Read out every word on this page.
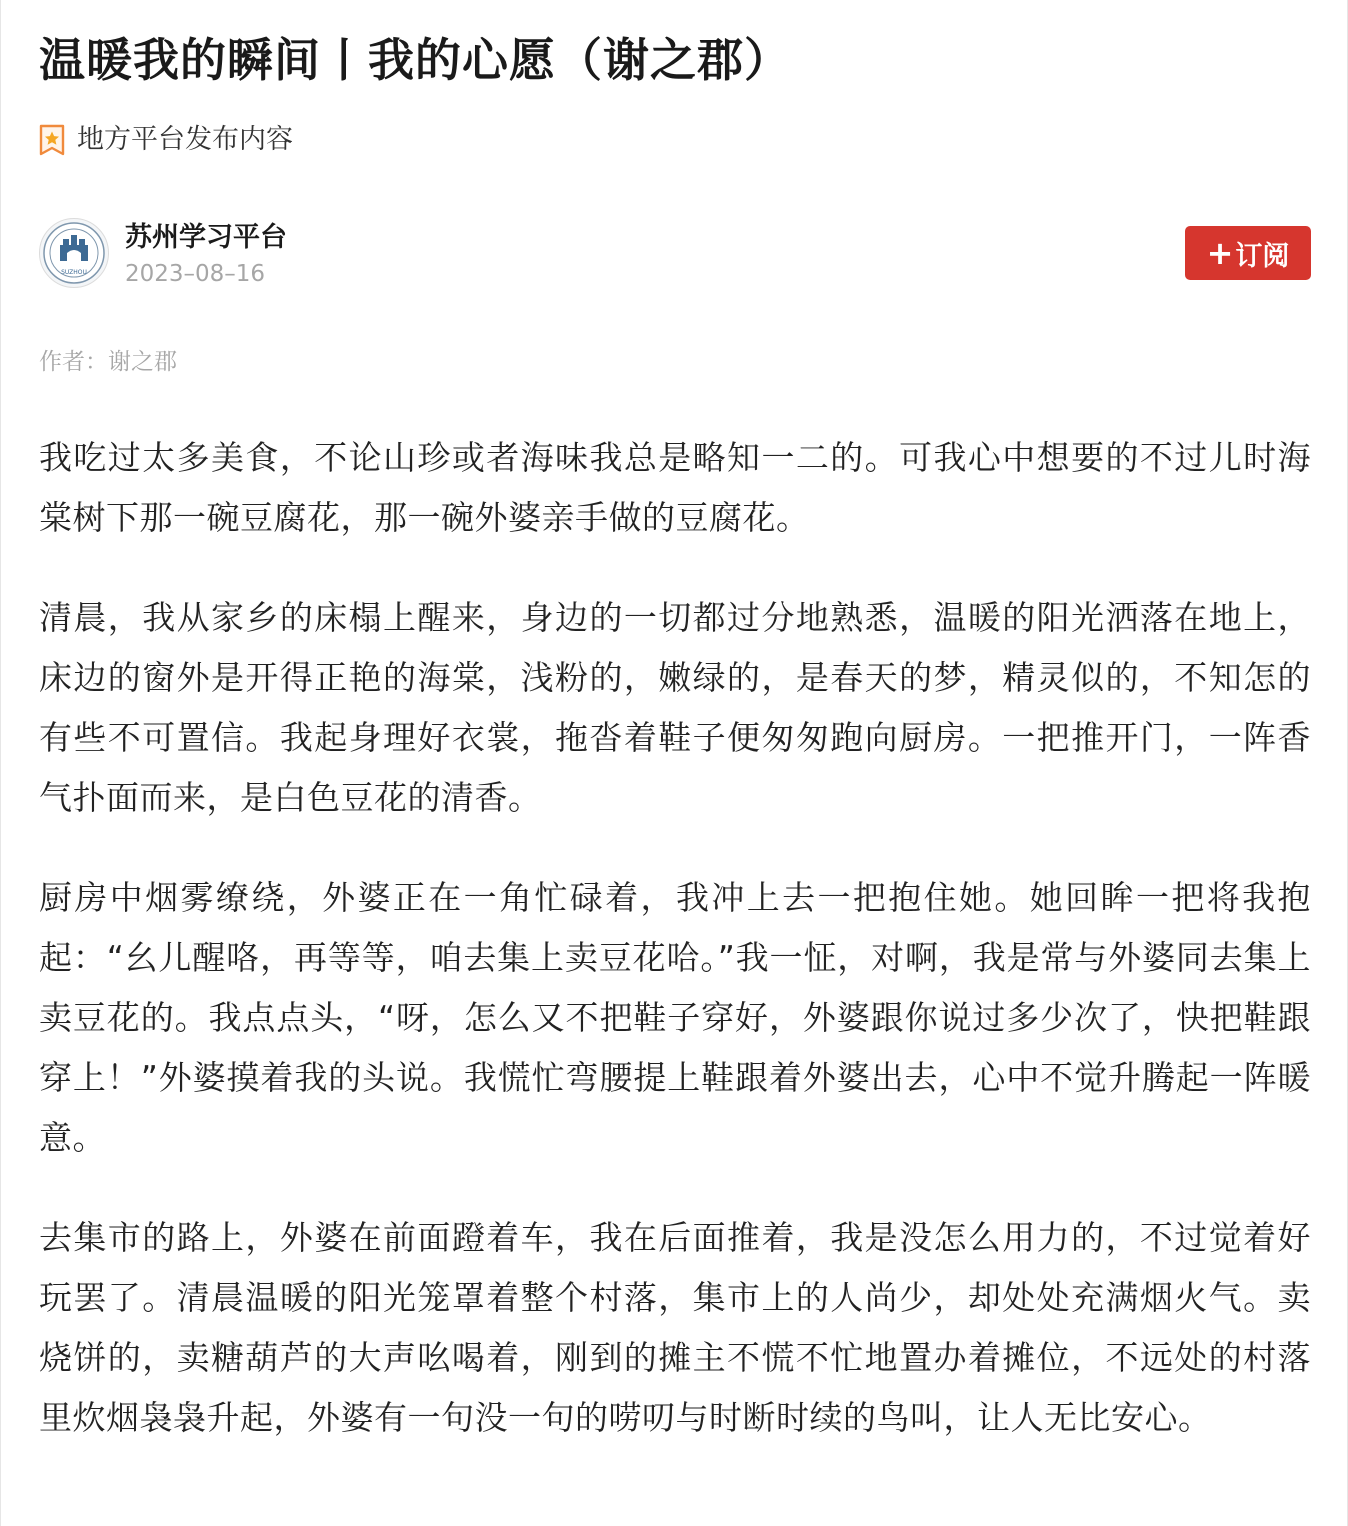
温暖我的瞬间丨我的心愿（谢之郡）
地方平台发布内容
SUZHOU
苏州学习平台
2023–08–16
+ 订阅
作者：谢之郡

我吃过太多美食，不论山珍或者海味我总是略知一二的。可我心中想要的不过儿时海棠树下那一碗豆腐花，那一碗外婆亲手做的豆腐花。

清晨，我从家乡的床榻上醒来，身边的一切都过分地熟悉，温暖的阳光洒落在地上，床边的窗外是开得正艳的海棠，浅粉的，嫩绿的，是春天的梦，精灵似的，不知怎的有些不可置信。我起身理好衣裳，拖沓着鞋子便匆匆跑向厨房。一把推开门，一阵香气扑面而来，是白色豆花的清香。

厨房中烟雾缭绕，外婆正在一角忙碌着，我冲上去一把抱住她。她回眸一把将我抱起：“幺儿醒咯，再等等，咱去集上卖豆花哈。”我一怔，对啊，我是常与外婆同去集上卖豆花的。我点点头，“呀，怎么又不把鞋子穿好，外婆跟你说过多少次了，快把鞋跟穿上！”外婆摸着我的头说。我慌忙弯腰提上鞋跟着外婆出去，心中不觉升腾起一阵暖意。

去集市的路上，外婆在前面蹬着车，我在后面推着，我是没怎么用力的，不过觉着好玩罢了。清晨温暖的阳光笼罩着整个村落，集市上的人尚少，却处处充满烟火气。卖烧饼的，卖糖葫芦的大声吆喝着，刚到的摊主不慌不忙地置办着摊位，不远处的村落里炊烟袅袅升起，外婆有一句没一句的唠叨与时断时续的鸟叫，让人无比安心。
